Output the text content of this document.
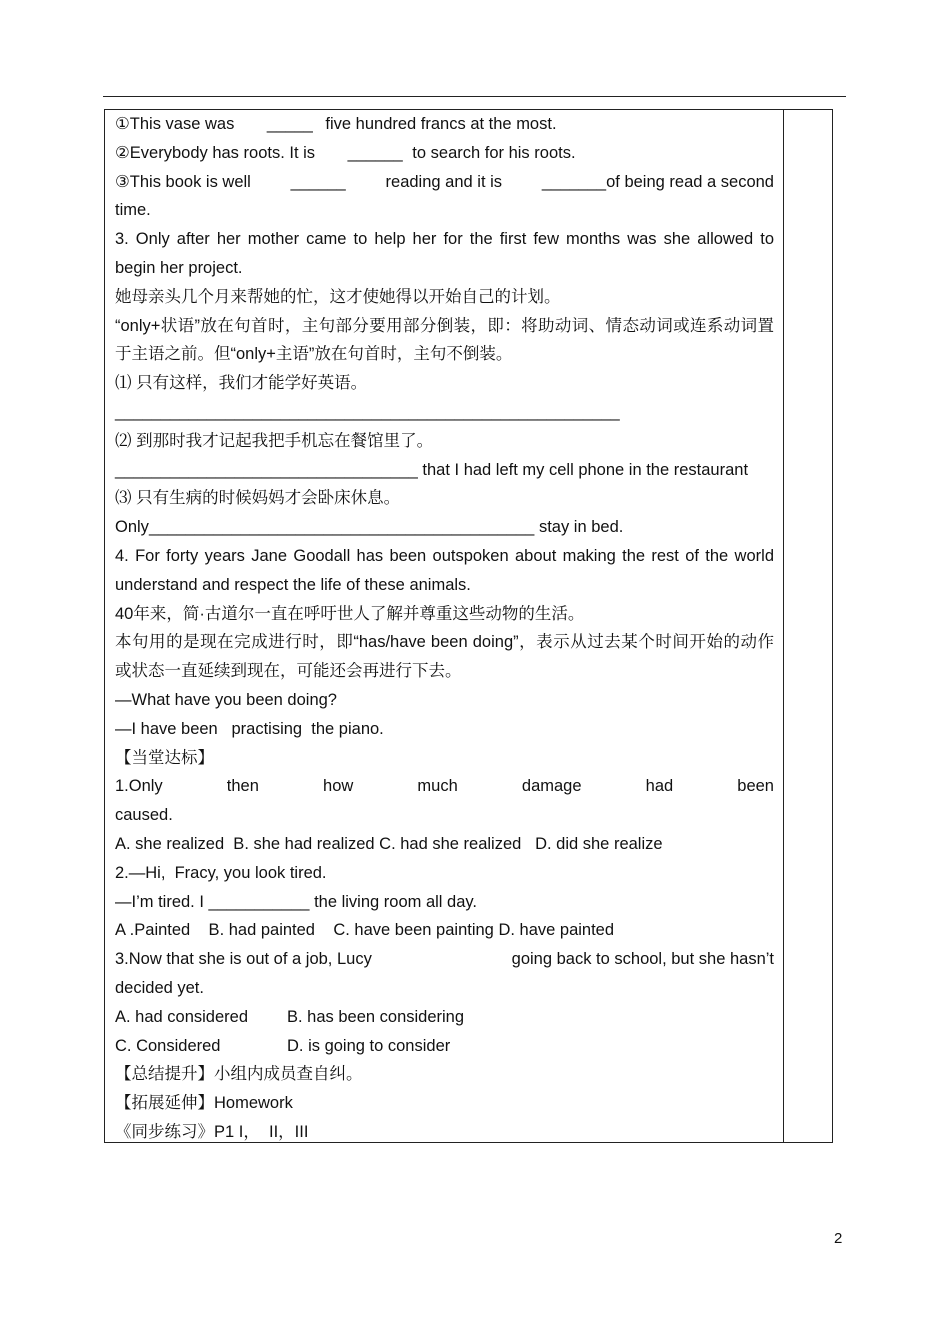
①This vase was _____ five hundred francs at the most.
②Everybody has roots. It is ______ to search for his roots.
③This book is well ______ reading and it is _______of being read a second
time.
3. Only after her mother came to help her for the first few months was she allowed to begin her project.
她母亲头几个月来帮她的忙，这才使她得以开始自己的计划。
“only+状语”放在句首时，主句部分要用部分倒装，即：将助动词、情态动词或连系动词置于主语之前。但“only+主语”放在句首时，主句不倒装。
⑴ 只有这样，我们才能学好英语。
_______________________________________________________
⑵ 到那时我才记起我把手机忘在餐馆里了。
_________________________________ that I had left my cell phone in the restaurant
⑶ 只有生病的时候妈妈才会卧床休息。
Only__________________________________________ stay in bed.
4. For forty years Jane Goodall has been outspoken about making the rest of the world understand and respect the life of these animals.
40年来，简·古道尔一直在呼吁世人了解并尊重这些动物的生活。
本句用的是现在完成进行时，即“has/have been doing”，表示从过去某个时间开始的动作或状态一直延续到现在，可能还会再进行下去。
—What have you been doing?
—I have been   practising  the piano.
【当堂达标】
1.Only	then	how	much	damage	had	been
caused.
A. she realized  B. she had realized C. had she realized   D. did she realize
2.—Hi,  Fracy, you look tired.
—I’m tired. I ___________ the living room all day.
A .Painted    B. had painted    C. have been painting D. have painted
3.Now that she is out of a job, Lucy	going back to school, but she hasn’t
decided yet.
A. had considered B. has been considering
C. Considered	D. is going to consider
【总结提升】小组内成员查自纠。
【拓展延伸】Homework
《同步练习》P1 I，  II，III
2
